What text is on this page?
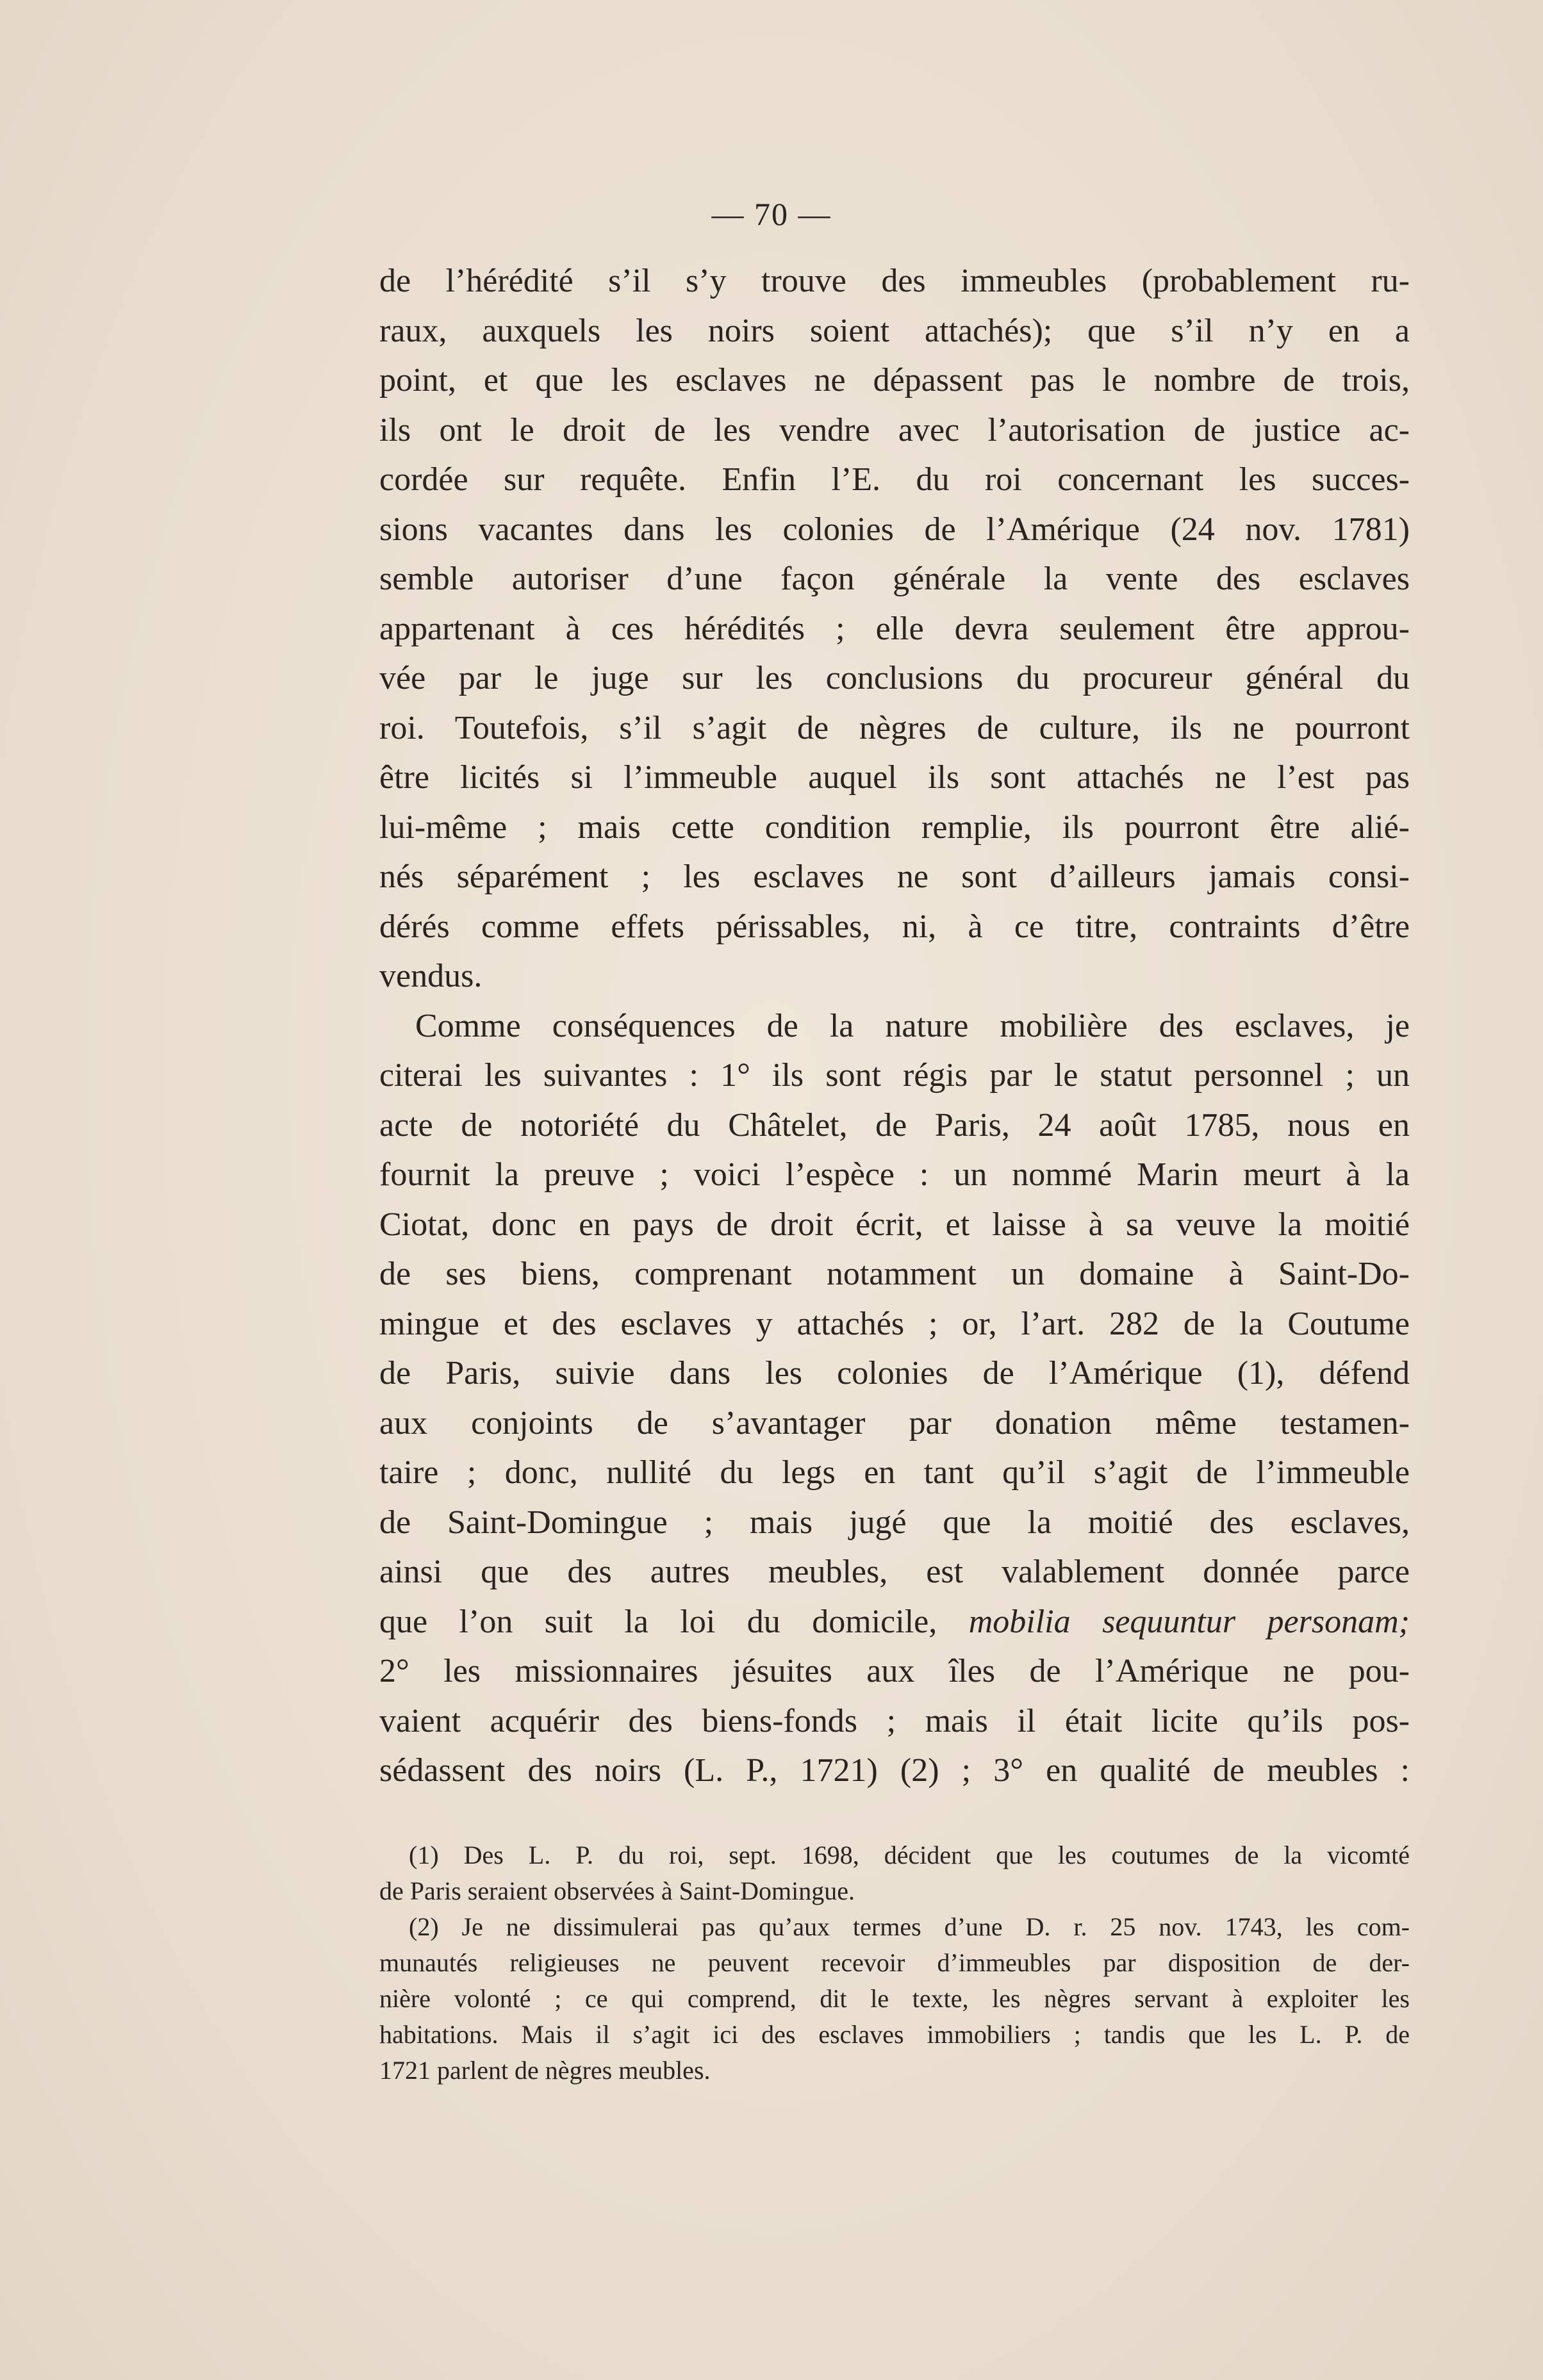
— 70 —
de l’hérédité s’il s’y trouve des immeubles (probablement ru-
raux, auxquels les noirs soient attachés); que s’il n’y en a
point, et que les esclaves ne dépassent pas le nombre de trois,
ils ont le droit de les vendre avec l’autorisation de justice ac-
cordée sur requête. Enfin l’E. du roi concernant les succes-
sions vacantes dans les colonies de l’Amérique (24 nov. 1781)
semble autoriser d’une façon générale la vente des esclaves
appartenant à ces hérédités ; elle devra seulement être approu-
vée par le juge sur les conclusions du procureur général du
roi. Toutefois, s’il s’agit de nègres de culture, ils ne pourront
être licités si l’immeuble auquel ils sont attachés ne l’est pas
lui-même ; mais cette condition remplie, ils pourront être alié-
nés séparément ; les esclaves ne sont d’ailleurs jamais consi-
dérés comme effets périssables, ni, à ce titre, contraints d’être
vendus.
Comme conséquences de la nature mobilière des esclaves, je
citerai les suivantes : 1° ils sont régis par le statut personnel ; un
acte de notoriété du Châtelet, de Paris, 24 août 1785, nous en
fournit la preuve ; voici l’espèce : un nommé Marin meurt à la
Ciotat, donc en pays de droit écrit, et laisse à sa veuve la moitié
de ses biens, comprenant notamment un domaine à Saint-Do-
mingue et des esclaves y attachés ; or, l’art. 282 de la Coutume
de Paris, suivie dans les colonies de l’Amérique (1), défend
aux conjoints de s’avantager par donation même testamen-
taire ; donc, nullité du legs en tant qu’il s’agit de l’immeuble
de Saint-Domingue ; mais jugé que la moitié des esclaves,
ainsi que des autres meubles, est valablement donnée parce
que l’on suit la loi du domicile, mobilia sequuntur personam;
2° les missionnaires jésuites aux îles de l’Amérique ne pou-
vaient acquérir des biens-fonds ; mais il était licite qu’ils pos-
sédassent des noirs (L. P., 1721) (2) ; 3° en qualité de meubles :
(1) Des L. P. du roi, sept. 1698, décident que les coutumes de la vicomté
de Paris seraient observées à Saint-Domingue.
(2) Je ne dissimulerai pas qu’aux termes d’une D. r. 25 nov. 1743, les com-
munautés religieuses ne peuvent recevoir d’immeubles par disposition de der-
nière volonté ; ce qui comprend, dit le texte, les nègres servant à exploiter les
habitations. Mais il s’agit ici des esclaves immobiliers ; tandis que les L. P. de
1721 parlent de nègres meubles.
